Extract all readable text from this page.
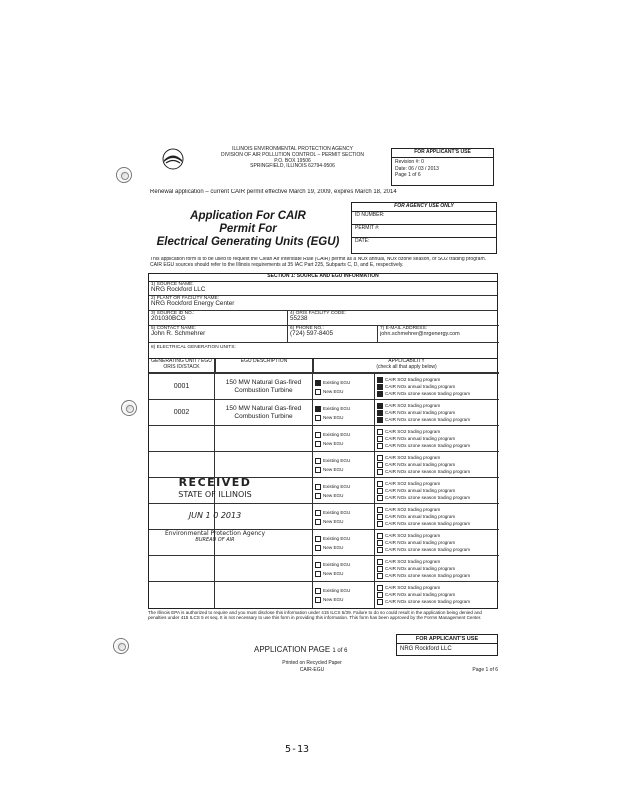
ILLINOIS ENVIRONMENTAL PROTECTION AGENCY
DIVISION OF AIR POLLUTION CONTROL – PERMIT SECTION
P.O. BOX 19506
SPRINGFIELD, ILLINOIS 62794-9506
FOR APPLICANT'S USE
Revision #: 0
Date: 06 / 03 / 2013
Page 1 of 6
Renewal application – current CAIR permit effective March 19, 2009, expires March 18, 2014
Application For CAIR
Permit For
Electrical Generating Units (EGU)
FOR AGENCY USE ONLY
ID NUMBER:
PERMIT #:
DATE:
This application form is to be used to request the Clean Air Interstate Rule (CAIR) permit as a NOx annual, NOx ozone season, or SO2 trading program. CAIR EGU sources should refer to the Illinois requirements at 35 IAC Part 225, Subparts C, D, and E, respectively.
SECTION 1: SOURCE AND EGU INFORMATION
1) SOURCE NAME:
NRG Rockford LLC
2) PLANT OR FACILITY NAME:
NRG Rockford Energy Center
3) SOURCE ID NO.:
201030BCG
4) ORIS FACILITY CODE:
55238
5) CONTACT NAME:
John R. Schmehrer
6) PHONE NO.:
(724) 597-8405
7) E-MAIL ADDRESS:
john.schmehrer@nrgenergy.com
8) ELECTRICAL GENERATION UNITS:
GENERATING UNIT / EGU ORIS ID/STACK
EGU DESCRIPTION	APPLICABILITY
(check all that apply below)
0001
150 MW Natural Gas-fired Combustion Turbine
Existing EGU
New EGU
CAIR SO2 trading program
CAIR NOx annual trading program
CAIR NOx ozone season trading program
0002
150 MW Natural Gas-fired Combustion Turbine
Existing EGU
New EGU
CAIR SO2 trading program
CAIR NOx annual trading program
CAIR NOx ozone season trading program
Existing EGU
New EGU
CAIR SO2 trading program
CAIR NOx annual trading program
CAIR NOx ozone season trading program
Existing EGU
New EGU
CAIR SO2 trading program
CAIR NOx annual trading program
CAIR NOx ozone season trading program
Existing EGU
New EGU
CAIR SO2 trading program
CAIR NOx annual trading program
CAIR NOx ozone season trading program
Existing EGU
New EGU
CAIR SO2 trading program
CAIR NOx annual trading program
CAIR NOx ozone season trading program
Existing EGU
New EGU
CAIR SO2 trading program
CAIR NOx annual trading program
CAIR NOx ozone season trading program
Existing EGU
New EGU
CAIR SO2 trading program
CAIR NOx annual trading program
CAIR NOx ozone season trading program
Existing EGU
New EGU
CAIR SO2 trading program
CAIR NOx annual trading program
CAIR NOx ozone season trading program
RECEIVED
STATE OF ILLINOIS
JUN 1 0 2013
Environmental Protection Agency
BUREAU OF AIR
The Illinois EPA is authorized to require and you must disclose this information under 415 ILCS 5/39. Failure to do so could result in the application being denied and penalties under 415 ILCS 5 et seq. It is not necessary to use this form in providing this information. This form has been approved by the Forms Management Center.
FOR APPLICANT'S USE
NRG Rockford LLC
APPLICATION PAGE 1 of 6
Printed on Recycled Paper
CAIR-EGU	Page 1 of 6
5-13
